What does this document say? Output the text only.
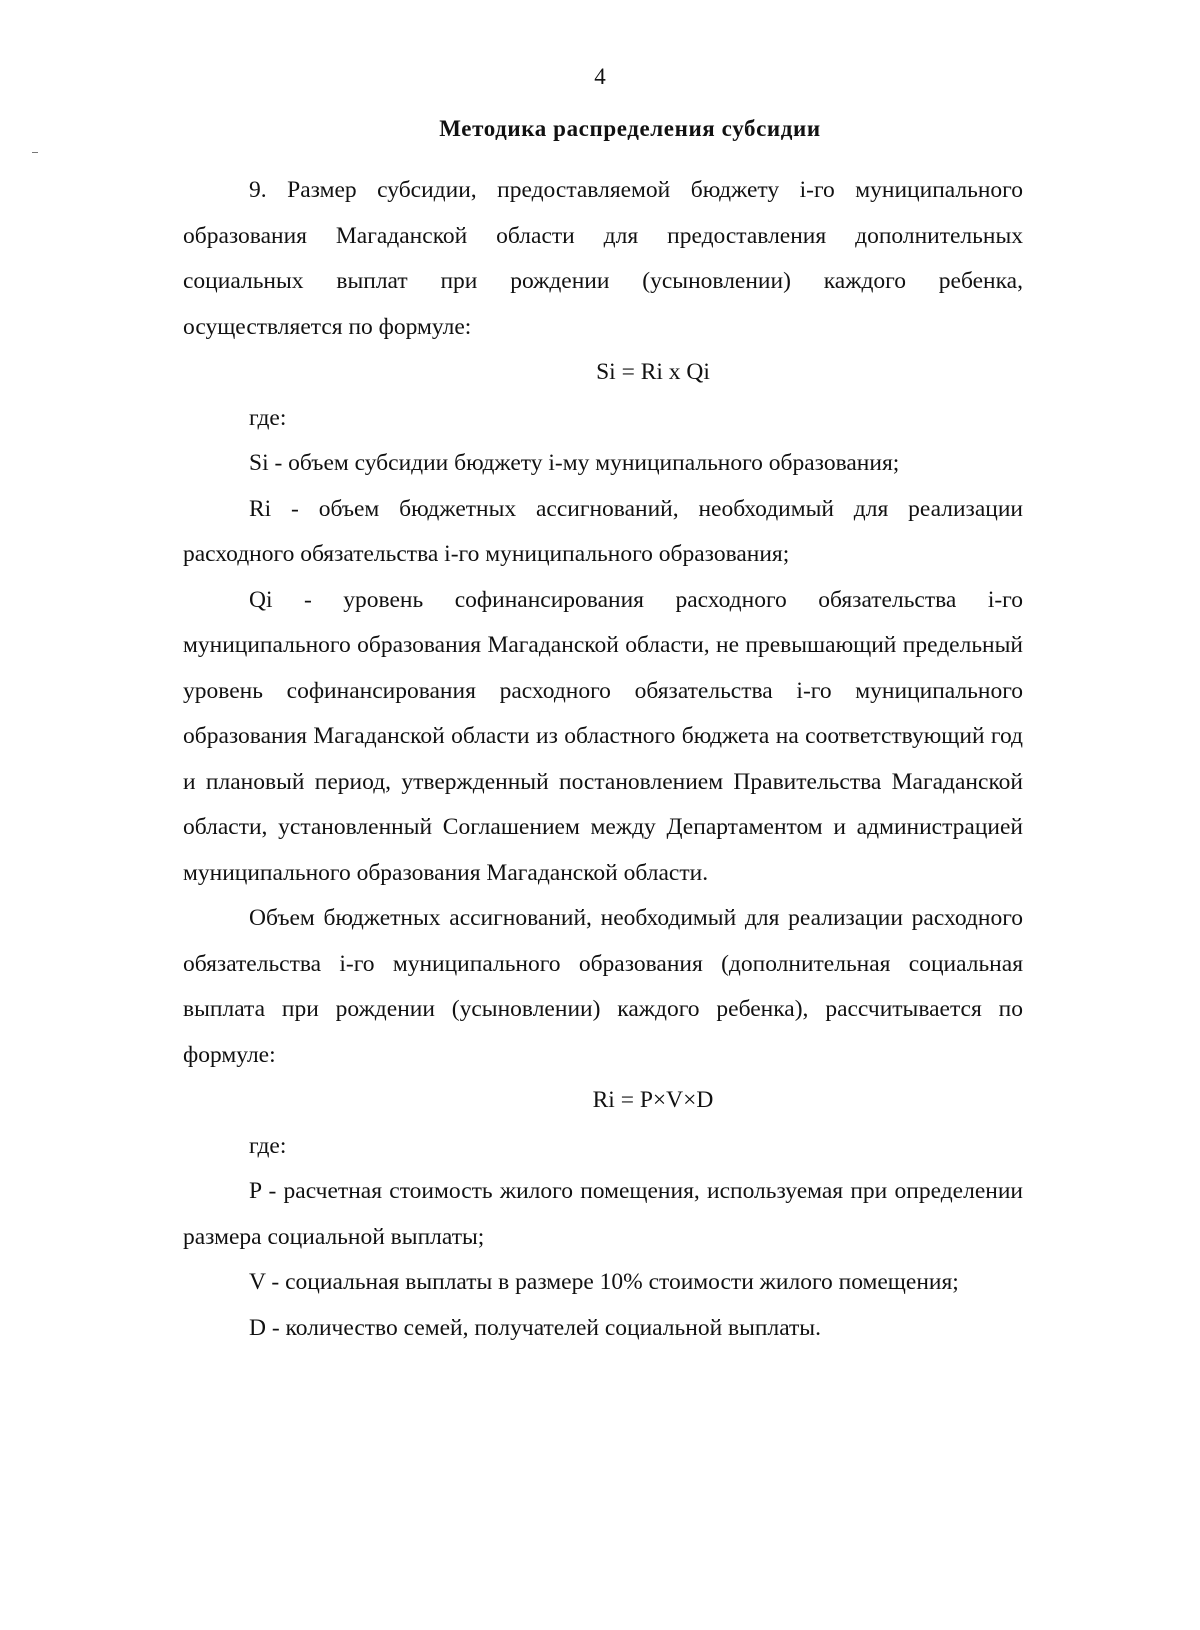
4
Методика распределения субсидии

9. Размер субсидии, предоставляемой бюджету i-го муниципального образования Магаданской области для предоставления дополнительных социальных выплат при рождении (усыновлении) каждого ребенка, осуществляется по формуле:

Si = Ri x Qi

где:

Si - объем субсидии бюджету i-му муниципального образования;

Ri - объем бюджетных ассигнований, необходимый для реализации расходного обязательства i-го муниципального образования;

Qi - уровень софинансирования расходного обязательства i-го муниципального образования Магаданской области, не превышающий предельный уровень софинансирования расходного обязательства i-го муниципального образования Магаданской области из областного бюджета на соответствующий год и плановый период, утвержденный постановлением Правительства Магаданской области, установленный Соглашением между Департаментом и администрацией муниципального образования Магаданской области.

Объем бюджетных ассигнований, необходимый для реализации расходного обязательства i-го муниципального образования (дополнительная социальная выплата при рождении (усыновлении) каждого ребенка), рассчитывается по формуле:

Ri = P×V×D

где:

P - расчетная стоимость жилого помещения, используемая при определении размера социальной выплаты;

V - социальная выплаты в размере 10% стоимости жилого помещения;

D - количество семей, получателей социальной выплаты.
